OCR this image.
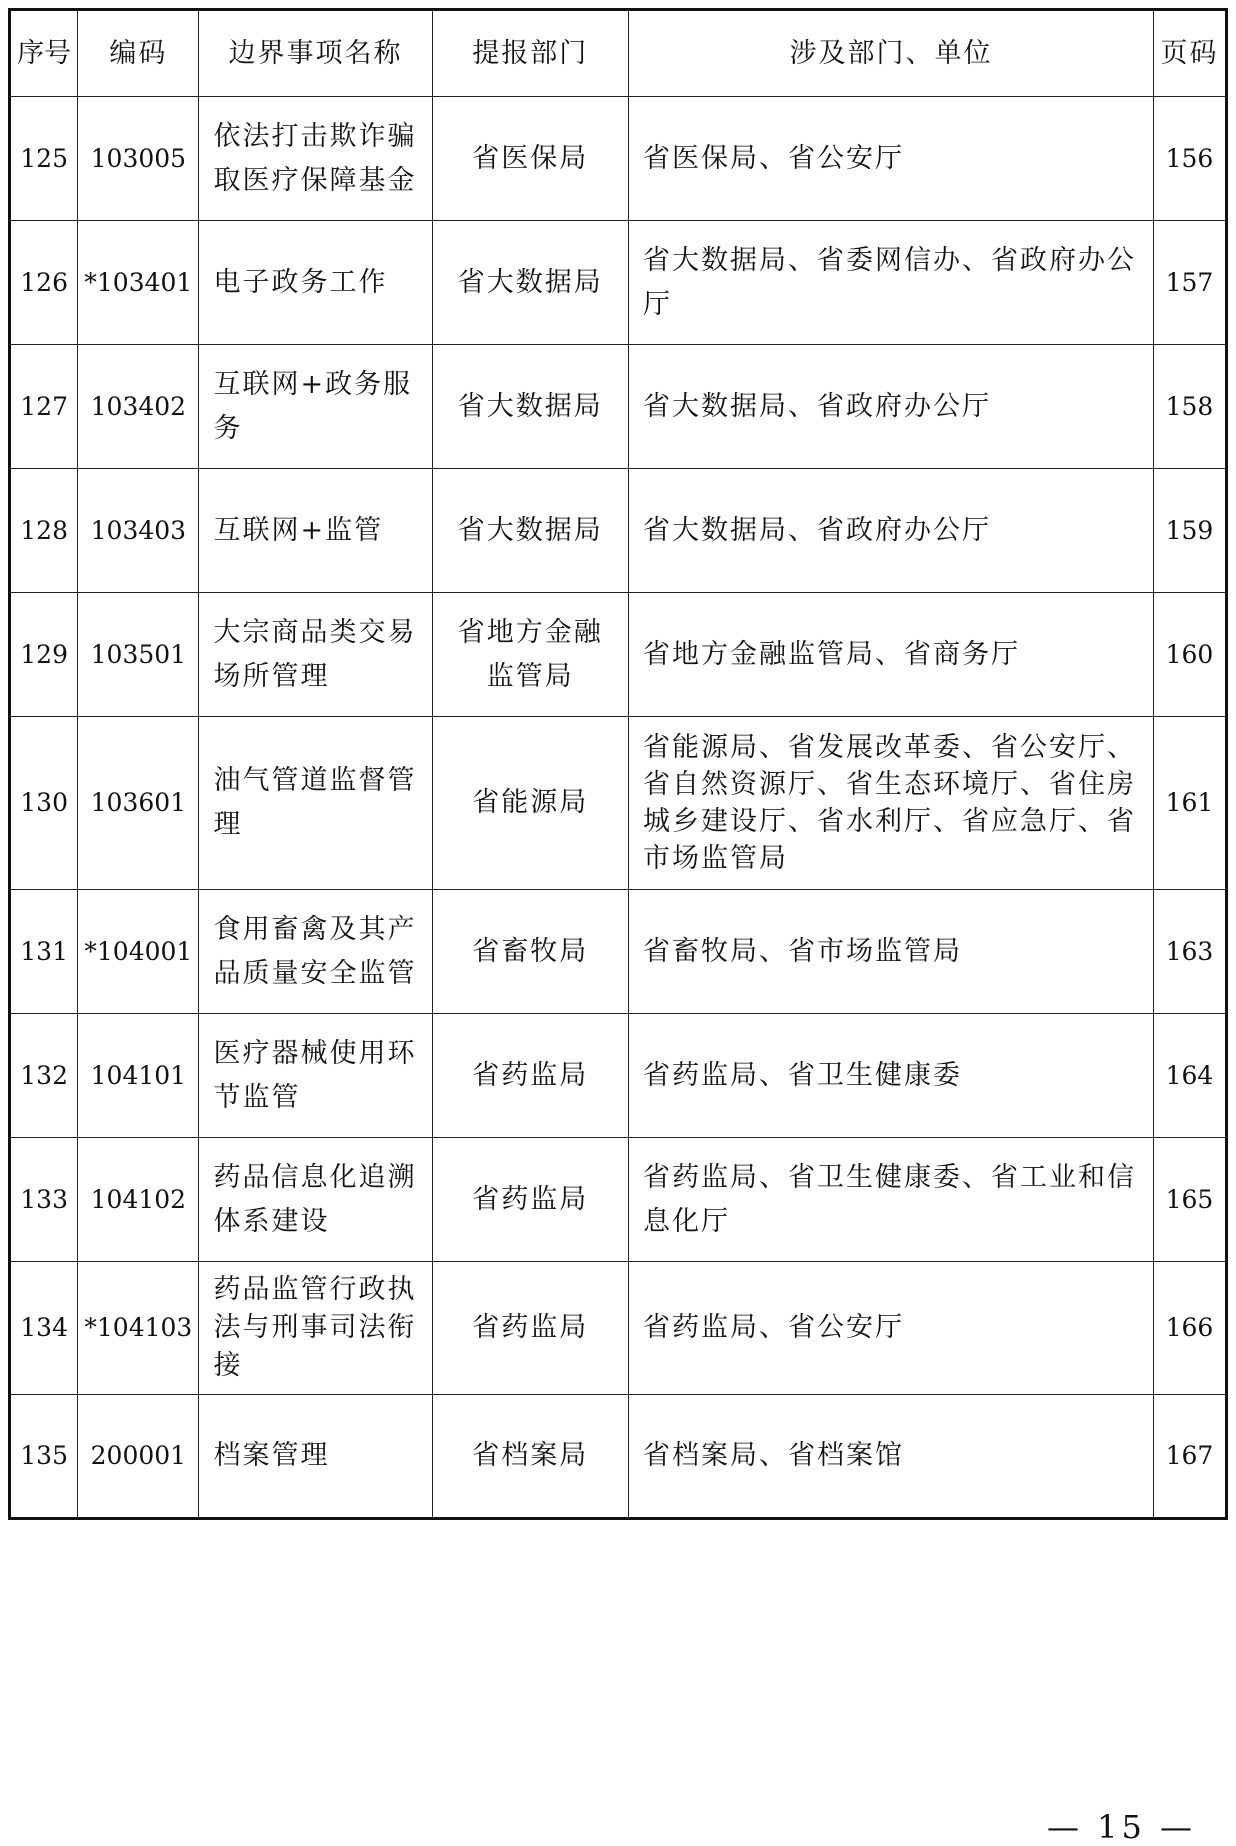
序号	编码	边界事项名称	提报部门	涉及部门、单位	页码
125	103005	依法打击欺诈骗取医疗保障基金	省医保局	省医保局、省公安厅	156
126	*103401	电子政务工作	省大数据局	省大数据局、省委网信办、省政府办公厅	157
127	103402	互联网+政务服务	省大数据局	省大数据局、省政府办公厅	158
128	103403	互联网+监管	省大数据局	省大数据局、省政府办公厅	159
129	103501	大宗商品类交易场所管理	省地方金融监管局	省地方金融监管局、省商务厅	160
130	103601	油气管道监督管理	省能源局	省能源局、省发展改革委、省公安厅、省自然资源厅、省生态环境厅、省住房城乡建设厅、省水利厅、省应急厅、省市场监管局	161
131	*104001	食用畜禽及其产品质量安全监管	省畜牧局	省畜牧局、省市场监管局	163
132	104101	医疗器械使用环节监管	省药监局	省药监局、省卫生健康委	164
133	104102	药品信息化追溯体系建设	省药监局	省药监局、省卫生健康委、省工业和信息化厅	165
134	*104103	药品监管行政执法与刑事司法衔接	省药监局	省药监局、省公安厅	166
135	200001	档案管理	省档案局	省档案局、省档案馆	167
— 15 —
